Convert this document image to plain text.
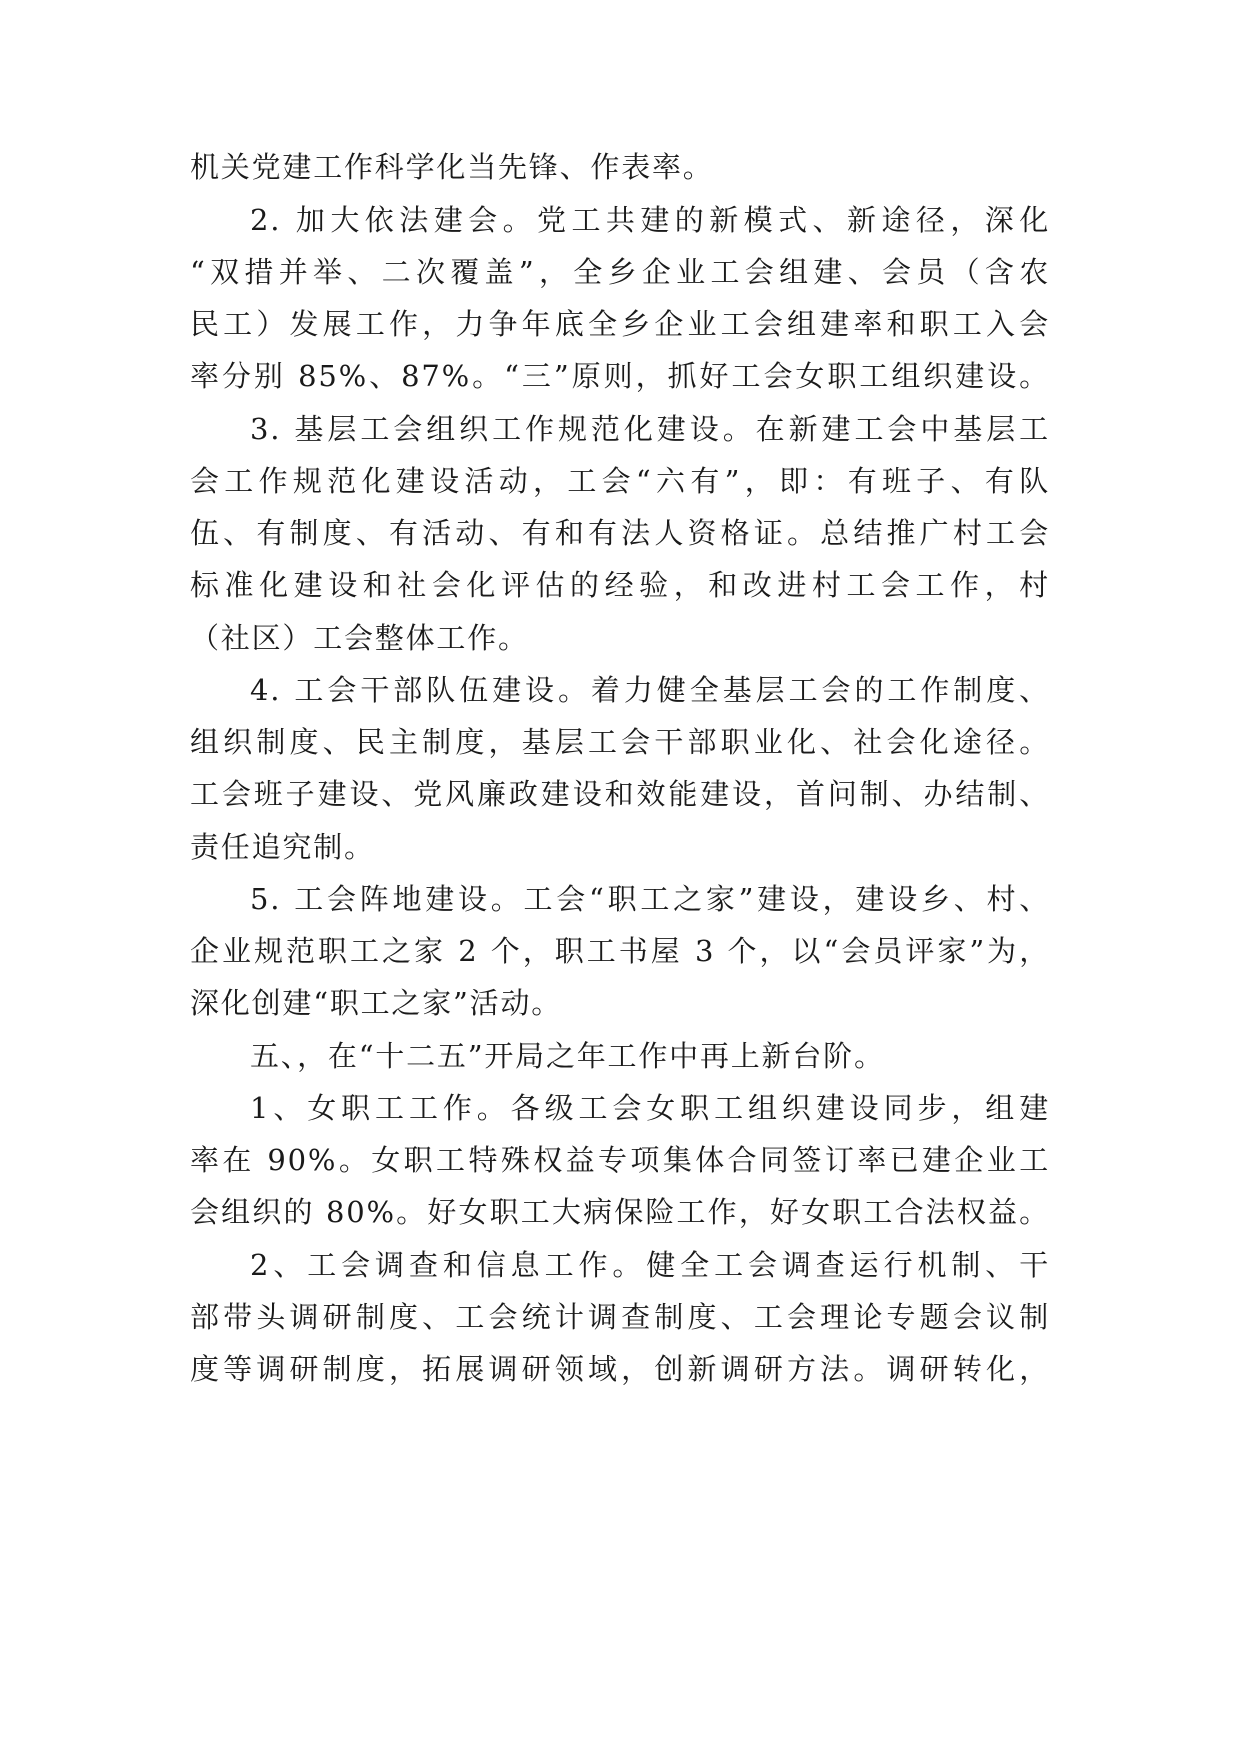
机关党建工作科学化当先锋、作表率。
2. 加大依法建会。党工共建的新模式、新途径，深化
“双措并举、二次覆盖”，全乡企业工会组建、会员（含农
民工）发展工作，力争年底全乡企业工会组建率和职工入会
率分别 85%、87%。“三”原则，抓好工会女职工组织建设。
3. 基层工会组织工作规范化建设。在新建工会中基层工
会工作规范化建设活动，工会“六有”，即：有班子、有队
伍、有制度、有活动、有和有法人资格证。总结推广村工会
标准化建设和社会化评估的经验，和改进村工会工作，村
（社区）工会整体工作。
4. 工会干部队伍建设。着力健全基层工会的工作制度、
组织制度、民主制度，基层工会干部职业化、社会化途径。
工会班子建设、党风廉政建设和效能建设，首问制、办结制、
责任追究制。
5. 工会阵地建设。工会“职工之家”建设，建设乡、村、
企业规范职工之家 2 个，职工书屋 3 个，以“会员评家”为，
深化创建“职工之家”活动。
五、，在“十二五”开局之年工作中再上新台阶。
1、女职工工作。各级工会女职工组织建设同步，组建
率在 90%。女职工特殊权益专项集体合同签订率已建企业工
会组织的 80%。好女职工大病保险工作，好女职工合法权益。
2、工会调查和信息工作。健全工会调查运行机制、干
部带头调研制度、工会统计调查制度、工会理论专题会议制
度等调研制度，拓展调研领域，创新调研方法。调研转化，
